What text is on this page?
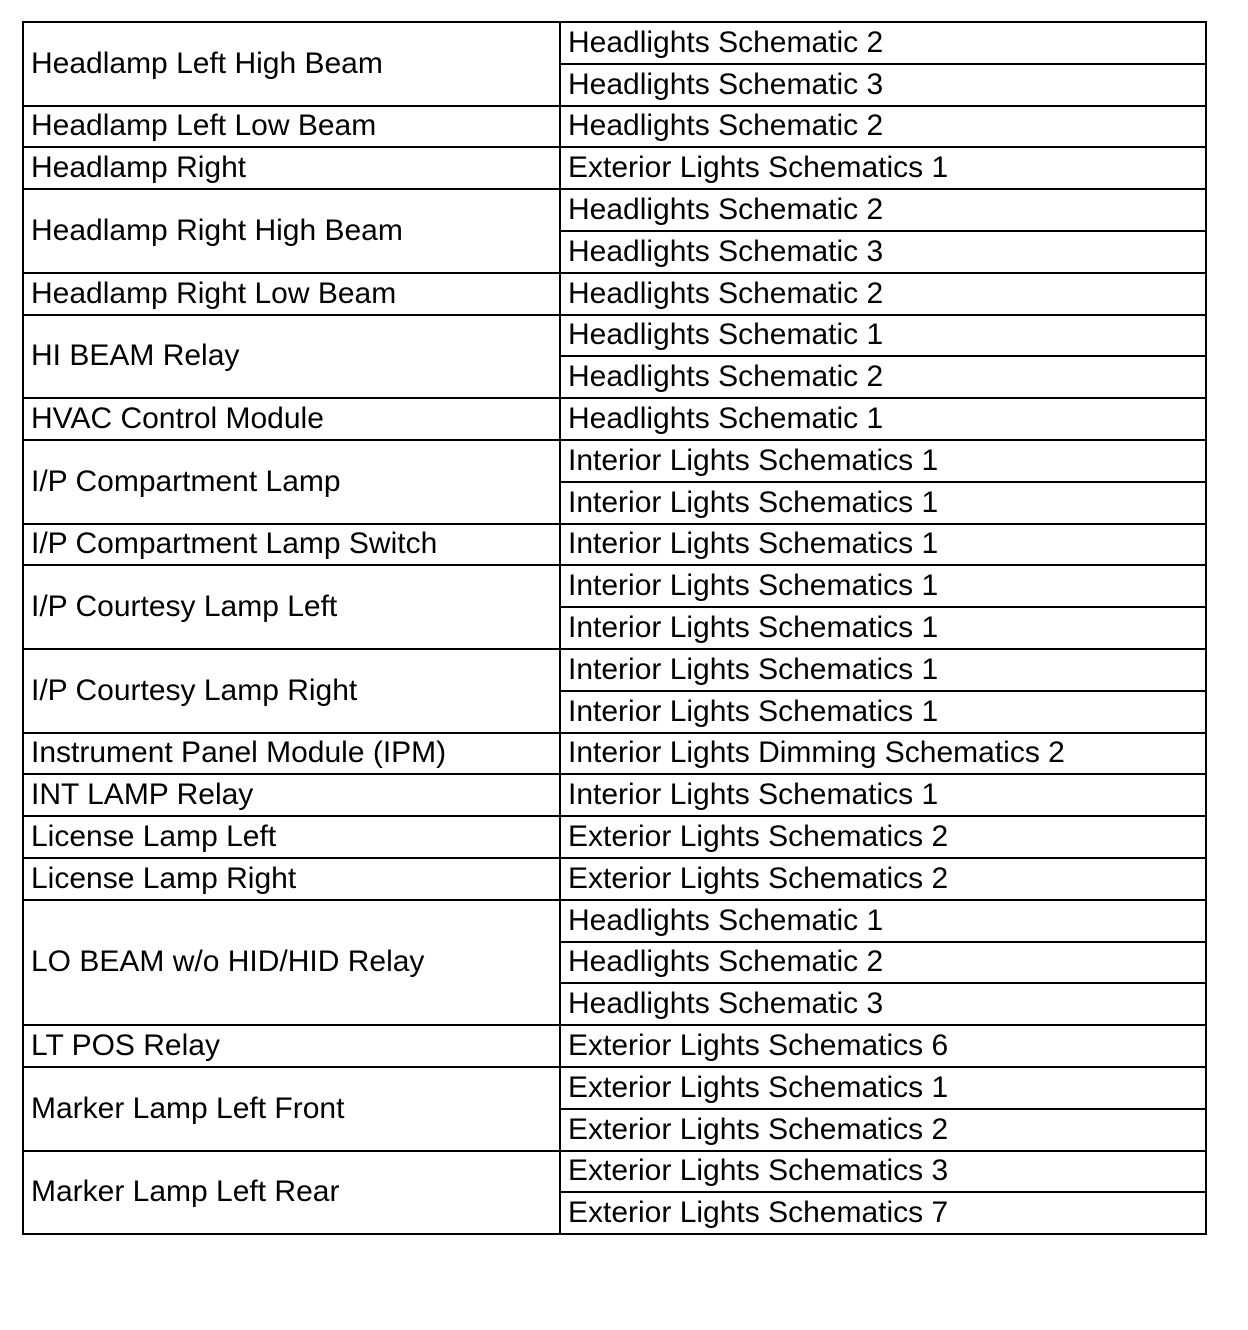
Headlamp Left High Beam	Headlights Schematic 2
	Headlights Schematic 3
Headlamp Left Low Beam	Headlights Schematic 2
Headlamp Right	Exterior Lights Schematics 1
Headlamp Right High Beam	Headlights Schematic 2
	Headlights Schematic 3
Headlamp Right Low Beam	Headlights Schematic 2
HI BEAM Relay	Headlights Schematic 1
	Headlights Schematic 2
HVAC Control Module	Headlights Schematic 1
I/P Compartment Lamp	Interior Lights Schematics 1
	Interior Lights Schematics 1
I/P Compartment Lamp Switch	Interior Lights Schematics 1
I/P Courtesy Lamp Left	Interior Lights Schematics 1
	Interior Lights Schematics 1
I/P Courtesy Lamp Right	Interior Lights Schematics 1
	Interior Lights Schematics 1
Instrument Panel Module (IPM)	Interior Lights Dimming Schematics 2
INT LAMP Relay	Interior Lights Schematics 1
License Lamp Left	Exterior Lights Schematics 2
License Lamp Right	Exterior Lights Schematics 2
LO BEAM w/o HID/HID Relay	Headlights Schematic 1
	Headlights Schematic 2
	Headlights Schematic 3
LT POS Relay	Exterior Lights Schematics 6
Marker Lamp Left Front	Exterior Lights Schematics 1
	Exterior Lights Schematics 2
Marker Lamp Left Rear	Exterior Lights Schematics 3
	Exterior Lights Schematics 7
